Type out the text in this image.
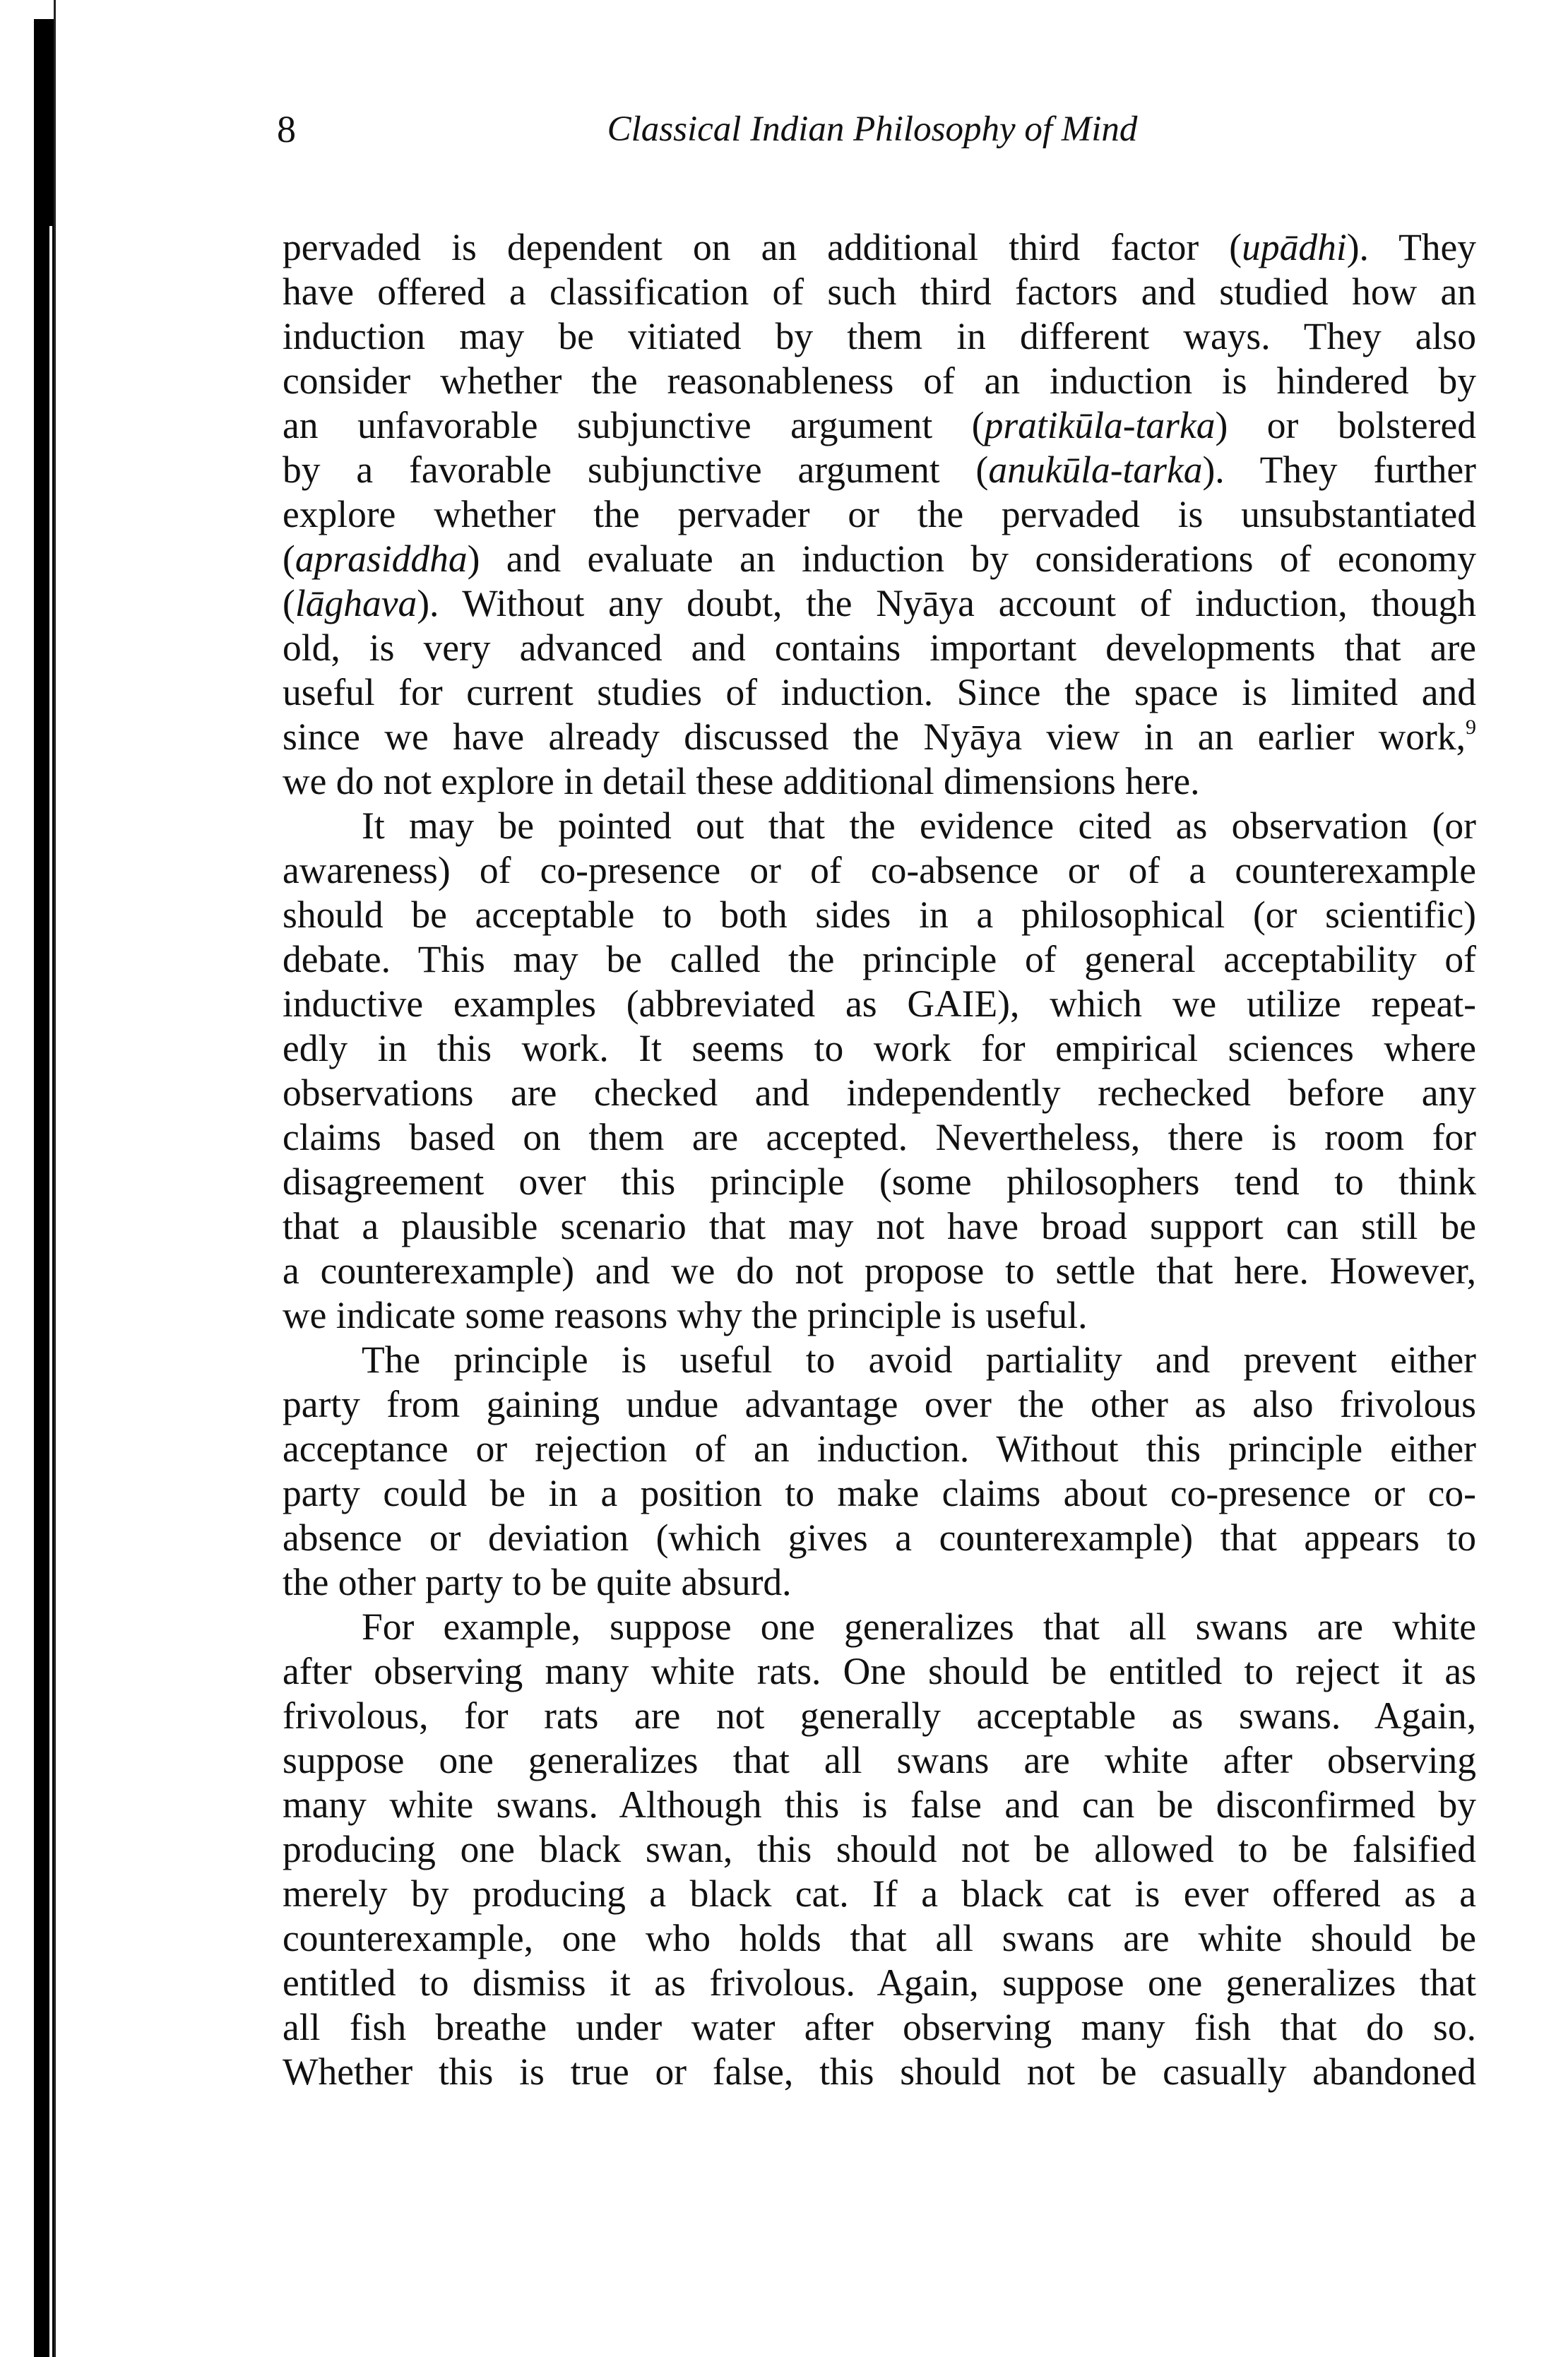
8	Classical Indian Philosophy of Mind
pervaded is dependent on an additional third factor (upādhi). They
have offered a classification of such third factors and studied how an
induction may be vitiated by them in different ways. They also
consider whether the reasonableness of an induction is hindered by
an unfavorable subjunctive argument (pratikūla-tarka) or bolstered
by a favorable subjunctive argument (anukūla-tarka). They further
explore whether the pervader or the pervaded is unsubstantiated
(aprasiddha) and evaluate an induction by considerations of economy
(lāghava). Without any doubt, the Nyāya account of induction, though
old, is very advanced and contains important developments that are
useful for current studies of induction. Since the space is limited and
since we have already discussed the Nyāya view in an earlier work,$^9$
we do not explore in detail these additional dimensions here.
It may be pointed out that the evidence cited as observation (or
awareness) of co-presence or of co-absence or of a counterexample
should be acceptable to both sides in a philosophical (or scientific)
debate. This may be called the principle of general acceptability of
inductive examples (abbreviated as GAIE), which we utilize repeat-
edly in this work. It seems to work for empirical sciences where
observations are checked and independently rechecked before any
claims based on them are accepted. Nevertheless, there is room for
disagreement over this principle (some philosophers tend to think
that a plausible scenario that may not have broad support can still be
a counterexample) and we do not propose to settle that here. However,
we indicate some reasons why the principle is useful.
The principle is useful to avoid partiality and prevent either
party from gaining undue advantage over the other as also frivolous
acceptance or rejection of an induction. Without this principle either
party could be in a position to make claims about co-presence or co-
absence or deviation (which gives a counterexample) that appears to
the other party to be quite absurd.
For example, suppose one generalizes that all swans are white
after observing many white rats. One should be entitled to reject it as
frivolous, for rats are not generally acceptable as swans. Again,
suppose one generalizes that all swans are white after observing
many white swans. Although this is false and can be disconfirmed by
producing one black swan, this should not be allowed to be falsified
merely by producing a black cat. If a black cat is ever offered as a
counterexample, one who holds that all swans are white should be
entitled to dismiss it as frivolous. Again, suppose one generalizes that
all fish breathe under water after observing many fish that do so.
Whether this is true or false, this should not be casually abandoned
